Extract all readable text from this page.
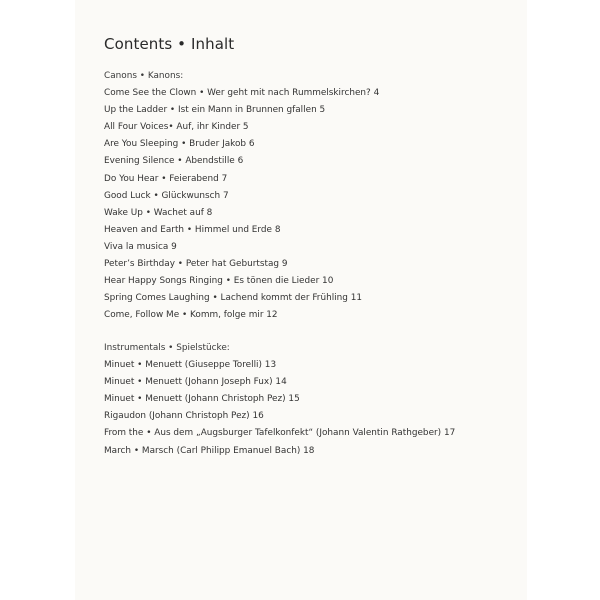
Contents • Inhalt
Canons • Kanons:
Come See the Clown • Wer geht mit nach Rummelskirchen? 4
Up the Ladder • Ist ein Mann in Brunnen gfallen 5
All Four Voices• Auf, ihr Kinder 5
Are You Sleeping • Bruder Jakob 6
Evening Silence • Abendstille 6
Do You Hear • Feierabend 7
Good Luck • Glückwunsch 7
Wake Up • Wachet auf 8
Heaven and Earth • Himmel und Erde 8
Viva la musica 9
Peter’s Birthday • Peter hat Geburtstag 9
Hear Happy Songs Ringing • Es tönen die Lieder 10
Spring Comes Laughing • Lachend kommt der Frühling 11
Come, Follow Me • Komm, folge mir 12
Instrumentals • Spielstücke:
Minuet • Menuett (Giuseppe Torelli) 13
Minuet • Menuett (Johann Joseph Fux) 14
Minuet • Menuett (Johann Christoph Pez) 15
Rigaudon (Johann Christoph Pez) 16
From the • Aus dem „Augsburger Tafelkonfekt“ (Johann Valentin Rathgeber) 17
March • Marsch (Carl Philipp Emanuel Bach) 18
